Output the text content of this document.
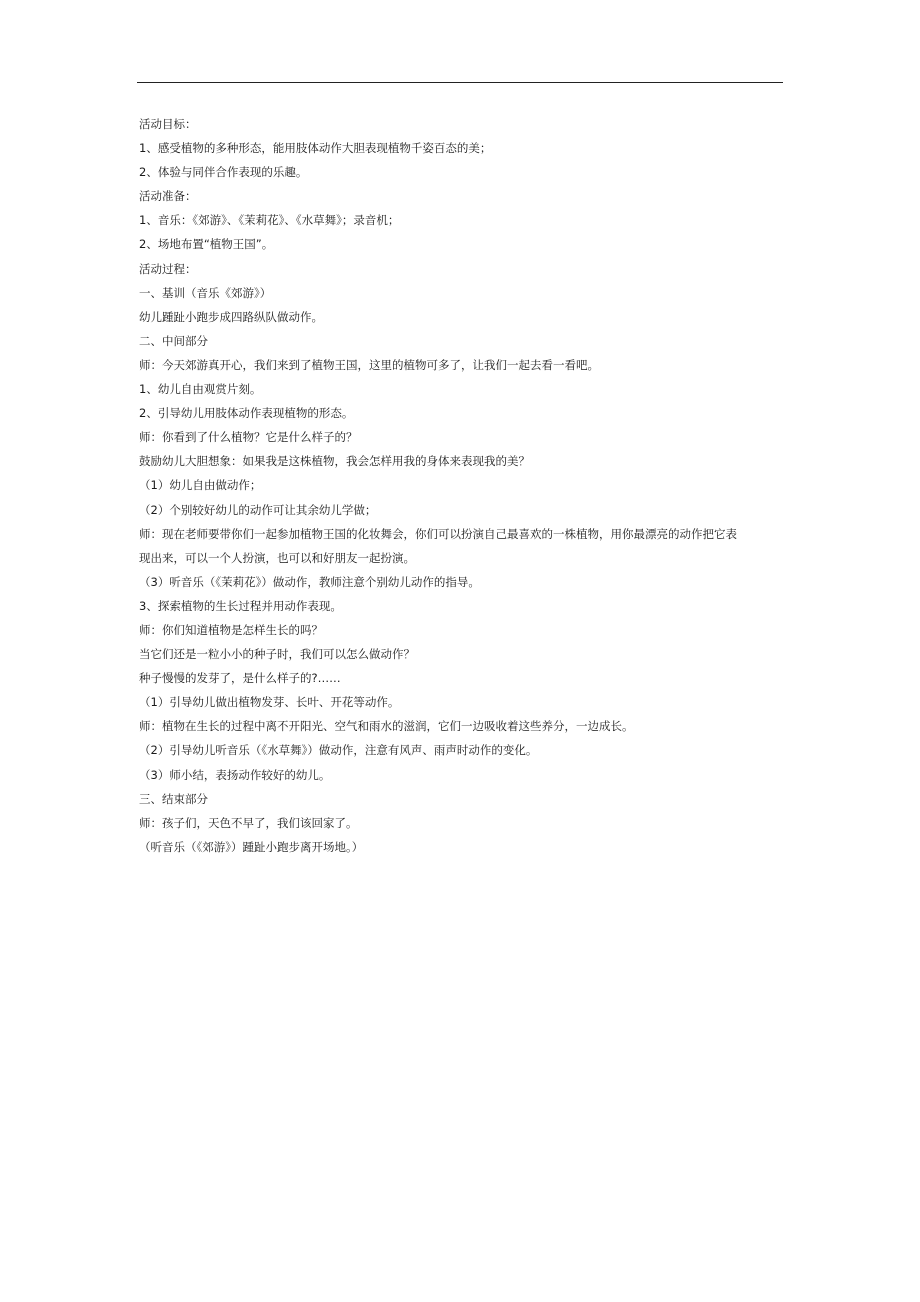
活动目标：
1、感受植物的多种形态，能用肢体动作大胆表现植物千姿百态的美；
2、体验与同伴合作表现的乐趣。
活动准备：
1、音乐：《郊游》、《茉莉花》、《水草舞》；录音机；
2、场地布置“植物王国”。
活动过程：
一、基训（音乐《郊游》）
幼儿踵趾小跑步成四路纵队做动作。
二、中间部分
师：今天郊游真开心，我们来到了植物王国，这里的植物可多了，让我们一起去看一看吧。
1、幼儿自由观赏片刻。
2、引导幼儿用肢体动作表现植物的形态。
师：你看到了什么植物？它是什么样子的？
鼓励幼儿大胆想象：如果我是这株植物，我会怎样用我的身体来表现我的美？
（1）幼儿自由做动作；
（2）个别较好幼儿的动作可让其余幼儿学做；
师：现在老师要带你们一起参加植物王国的化妆舞会，你们可以扮演自己最喜欢的一株植物，用你最漂亮的动作把它表
现出来，可以一个人扮演，也可以和好朋友一起扮演。
（3）听音乐（《茉莉花》）做动作，教师注意个别幼儿动作的指导。
3、探索植物的生长过程并用动作表现。
师：你们知道植物是怎样生长的吗？
当它们还是一粒小小的种子时，我们可以怎么做动作？
种子慢慢的发芽了，是什么样子的?……
（1）引导幼儿做出植物发芽、长叶、开花等动作。
师：植物在生长的过程中离不开阳光、空气和雨水的滋润，它们一边吸收着这些养分，一边成长。
（2）引导幼儿听音乐（《水草舞》）做动作，注意有风声、雨声时动作的变化。
（3）师小结，表扬动作较好的幼儿。
三、结束部分
师：孩子们，天色不早了，我们该回家了。
（听音乐（《郊游》）踵趾小跑步离开场地。）
